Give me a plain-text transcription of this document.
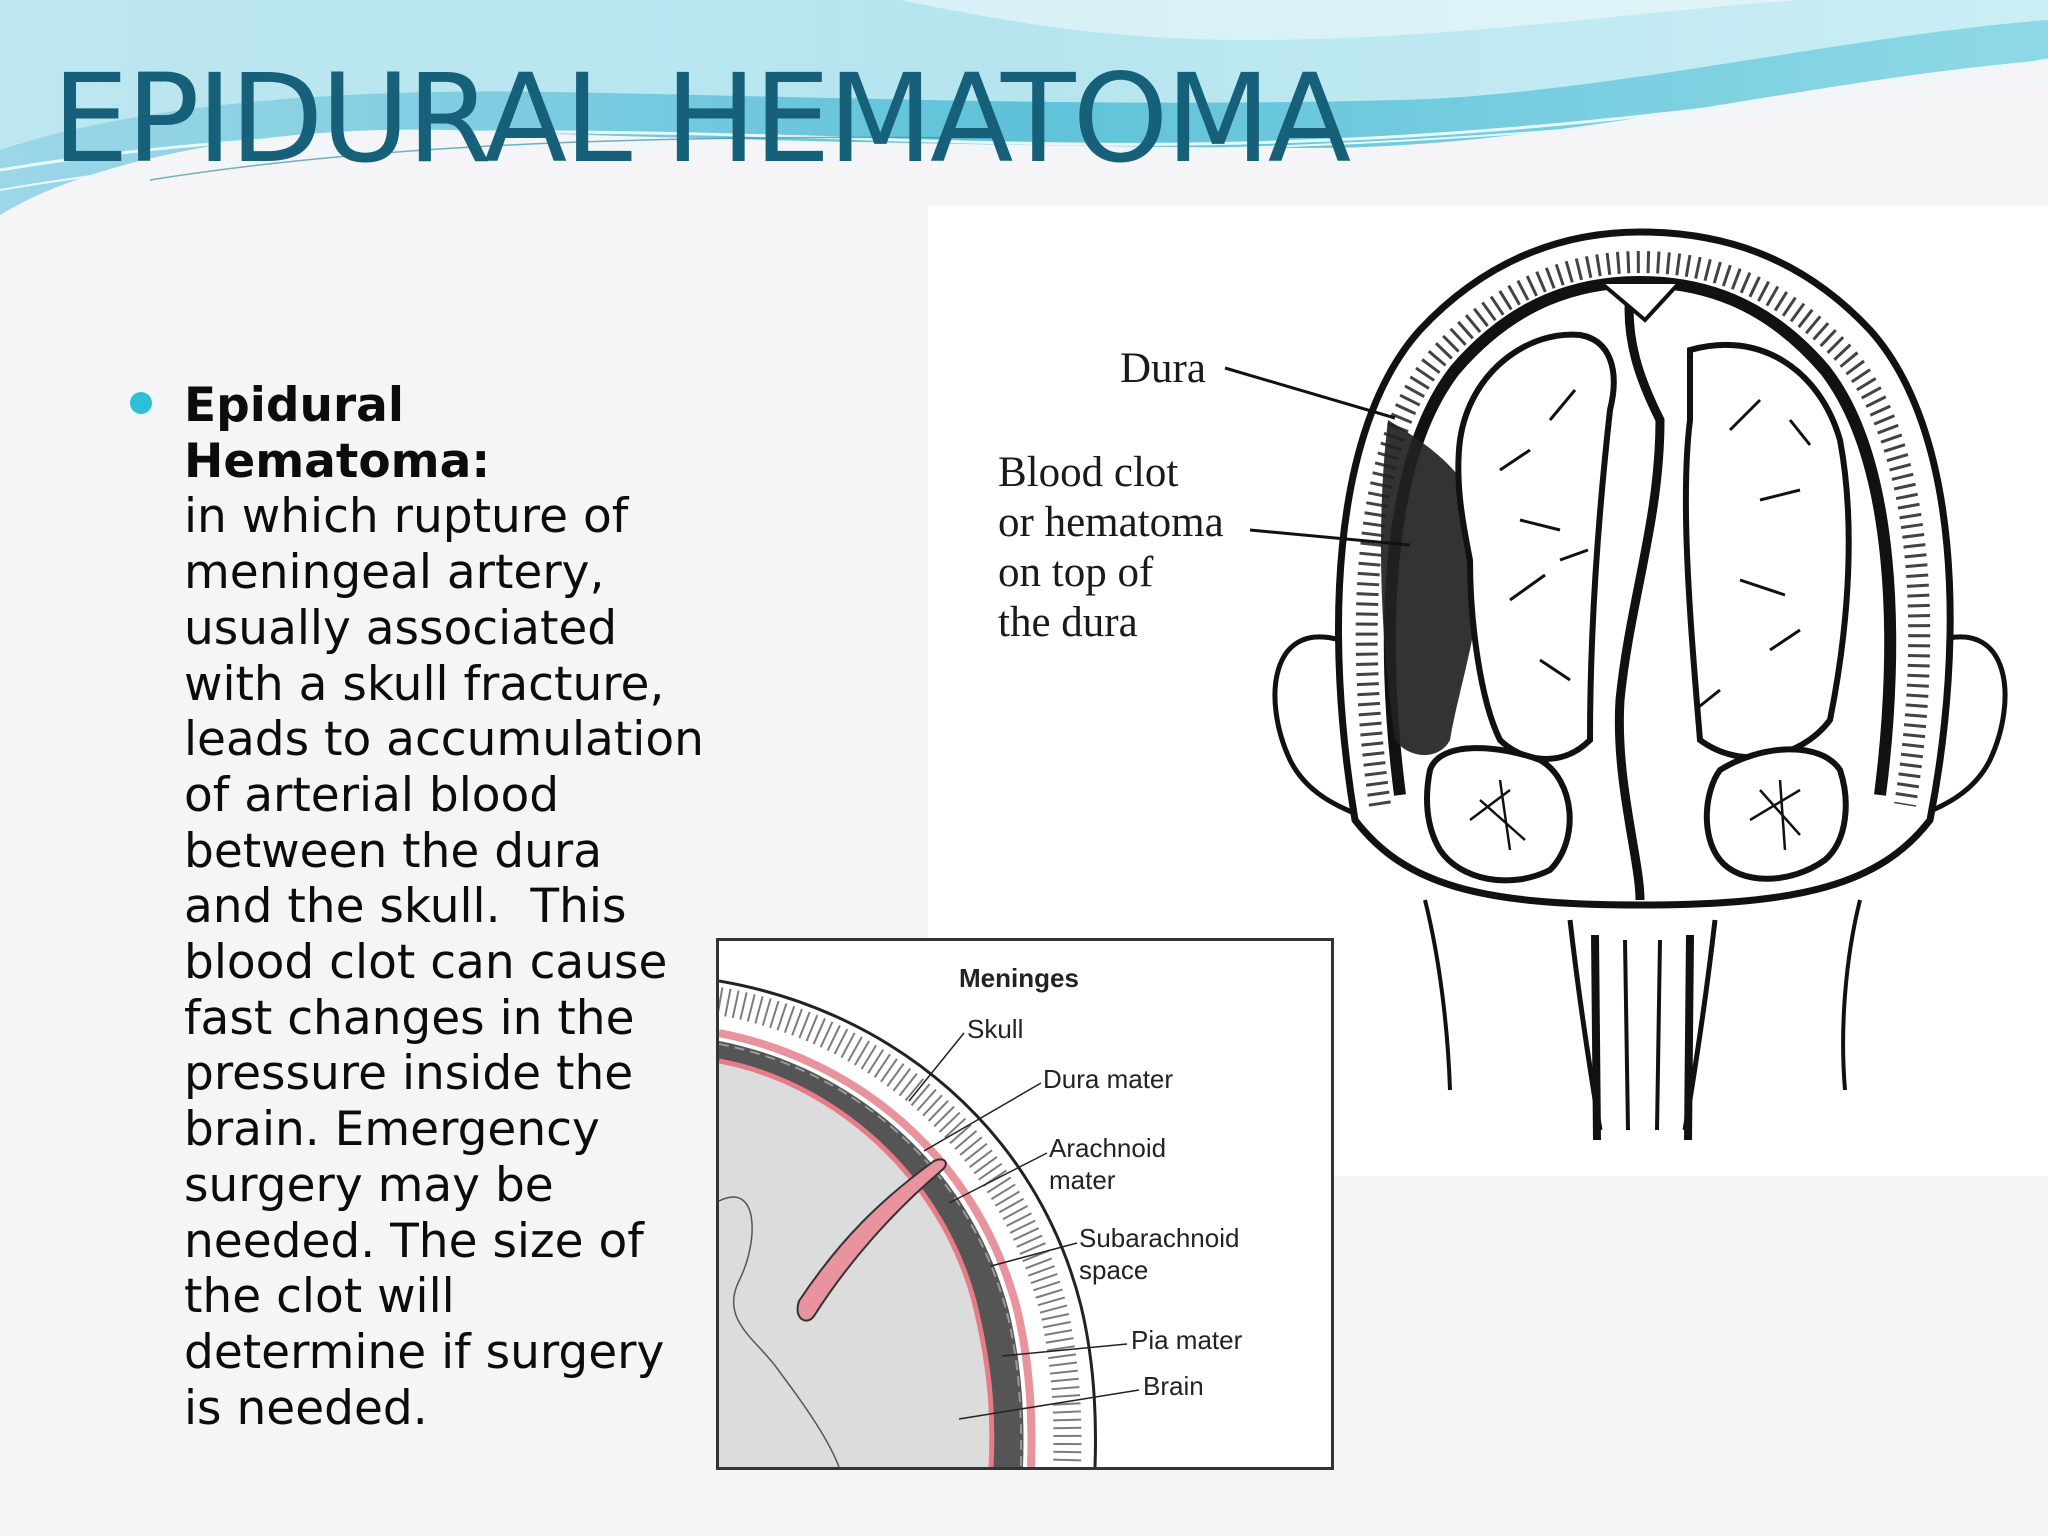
EPIDURAL HEMATOMA

Epidural Hematoma:
in which rupture of
meningeal artery,
usually associated
with a skull fracture,
leads to accumulation
of arterial blood
between the dura
and the skull.  This
blood clot can cause
fast changes in the
pressure inside the
brain. Emergency
surgery may be
needed. The size of
the clot will
determine if surgery
is needed.

Dura
Blood clot
or hematoma
on top of
the dura
Meninges
Skull
Dura mater
Arachnoid
mater
Subarachnoid
space
Pia mater
Brain
